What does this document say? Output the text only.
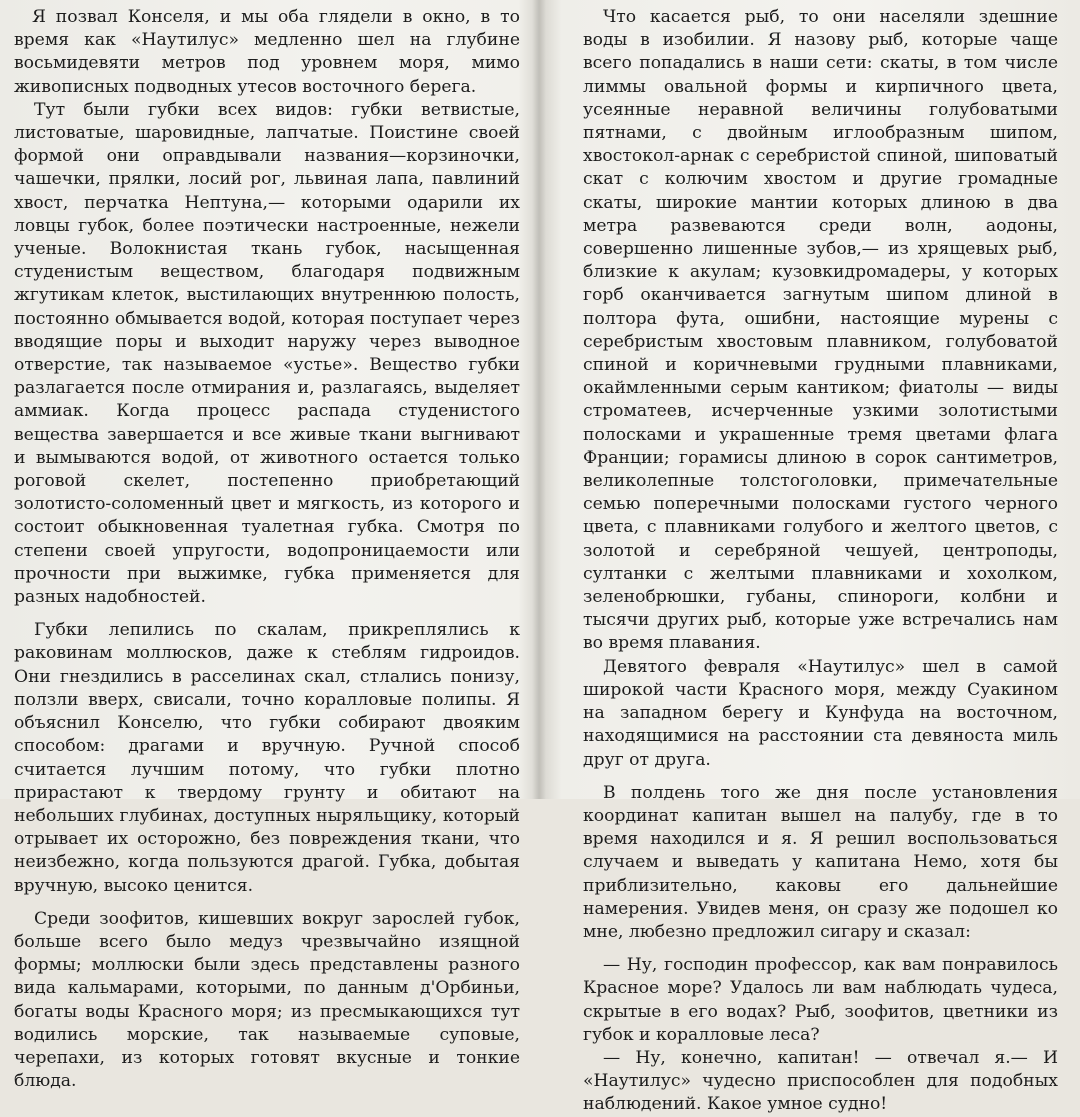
Я позвал Конселя, и мы оба глядели в окно, в то время как «Наутилус» медленно шел на глубине восьмидевяти метров под уровнем моря, мимо живописных подводных утесов восточного берега.

Тут были губки всех видов: губки ветвистые, листоватые, шаровидные, лапчатые. Поистине своей формой они оправдывали названия—корзиночки, чашечки, прялки, лосий рог, львиная лапа, павлиний хвост, перчатка Нептуна,— которыми одарили их ловцы губок, более поэтически настроенные, нежели ученые. Волокнистая ткань губок, насыщенная студенистым веществом, благодаря подвижным жгутикам клеток, выстилающих внутреннюю полость, постоянно обмывается водой, которая поступает через вводящие поры и выходит наружу через выводное отверстие, так называемое «устье». Вещество губки разлагается после отмирания и, разлагаясь, выделяет аммиак. Когда процесс распада студенистого вещества завершается и все живые ткани выгнивают и вымываются водой, от животного остается только роговой скелет, постепенно приобретающий золотисто-соломенный цвет и мягкость, из которого и состоит обыкновенная туалетная губка. Смотря по степени своей упругости, водопроницаемости или прочности при выжимке, губка применяется для разных надобностей.

Губки лепились по скалам, прикреплялись к раковинам моллюсков, даже к стеблям гидроидов. Они гнездились в расселинах скал, стлались понизу, ползли вверх, свисали, точно коралловые полипы. Я объяснил Конселю, что губки собирают двояким способом: драгами и вручную. Ручной способ считается лучшим потому, что губки плотно прирастают к твердому грунту и обитают на небольших глубинах, доступных ныряльщику, который отрывает их осторожно, без повреждения ткани, что неизбежно, когда пользуются драгой. Губка, добытая вручную, высоко ценится.

Среди зоофитов, кишевших вокруг зарослей губок, больше всего было медуз чрезвычайно изящной формы; моллюски были здесь представлены разного вида кальмарами, которыми, по данным д'Орбиньи, богаты воды Красного моря; из пресмыкающихся тут водились морские, так называемые суповые, черепахи, из которых готовят вкусные и тонкие блюда.

Что касается рыб, то они населяли здешние воды в изобилии. Я назову рыб, которые чаще всего попадались в наши сети: скаты, в том числе лиммы овальной формы и кирпичного цвета, усеянные неравной величины голубоватыми пятнами, с двойным иглообразным шипом, хвостокол-арнак с серебристой спиной, шиповатый скат с колючим хвостом и другие громадные скаты, широкие мантии которых длиною в два метра развеваются среди волн, аодоны, совершенно лишенные зубов,— из хрящевых рыб, близкие к акулам; кузовкидромадеры, у которых горб оканчивается загнутым шипом длиной в полтора фута, ошибни, настоящие мурены с серебристым хвостовым плавником, голубоватой спиной и коричневыми грудными плавниками, окаймленными серым кантиком; фиатолы — виды строматеев, исчерченные узкими золотистыми полосками и украшенные тремя цветами флага Франции; горамисы длиною в сорок сантиметров, великолепные толстоголовки, примечательные семью поперечными полосками густого черного цвета, с плавниками голубого и желтого цветов, с золотой и серебряной чешуей, центроподы, султанки с желтыми плавниками и хохолком, зеленобрюшки, губаны, спинороги, колбни и тысячи других рыб, которые уже встречались нам во время плавания.

Девятого февраля «Наутилус» шел в самой широкой части Красного моря, между Суакином на западном берегу и Кунфуда на восточном, находящимися на расстоянии ста девяноста миль друг от друга.

В полдень того же дня после установления координат капитан вышел на палубу, где в то время находился и я. Я решил воспользоваться случаем и выведать у капитана Немо, хотя бы приблизительно, каковы его дальнейшие намерения. Увидев меня, он сразу же подошел ко мне, любезно предложил сигару и сказал:

— Ну, господин профессор, как вам понравилось Красное море? Удалось ли вам наблюдать чудеса, скрытые в его водах? Рыб, зоофитов, цветники из губок и коралловые леса?

— Ну, конечно, капитан! — отвечал я.— И «Наутилус» чудесно приспособлен для подобных наблюдений. Какое умное судно!
